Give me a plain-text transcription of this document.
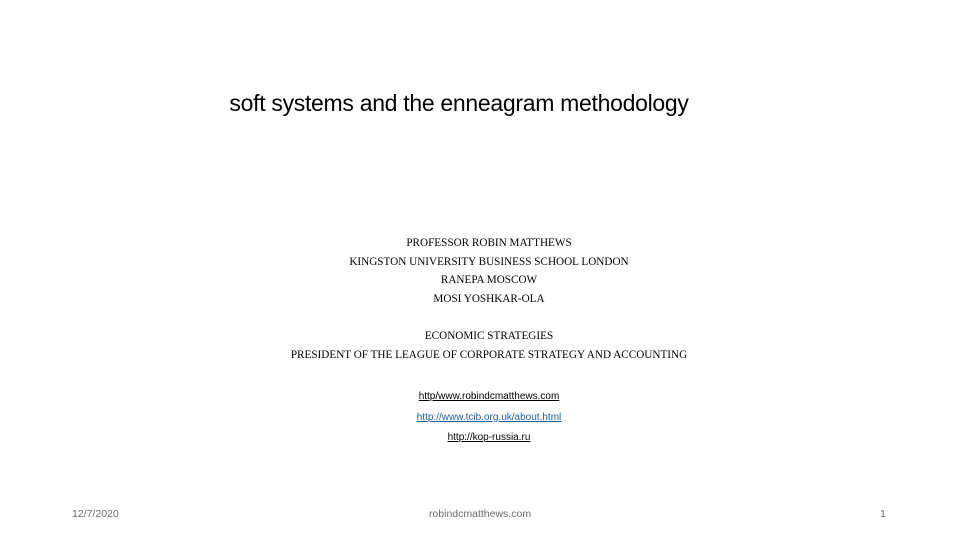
soft systems and the enneagram methodology
PROFESSOR ROBIN MATTHEWS
KINGSTON UNIVERSITY BUSINESS SCHOOL LONDON
RANEPA MOSCOW
MOSI YOSHKAR-OLA
ECONOMIC STRATEGIES
PRESIDENT OF THE LEAGUE OF CORPORATE STRATEGY AND ACCOUNTING
http/www.robindcmatthews.com
http://www.tcib.org.uk/about.html
http://kop-russia.ru
12/7/2020	robindcmatthews.com	1
